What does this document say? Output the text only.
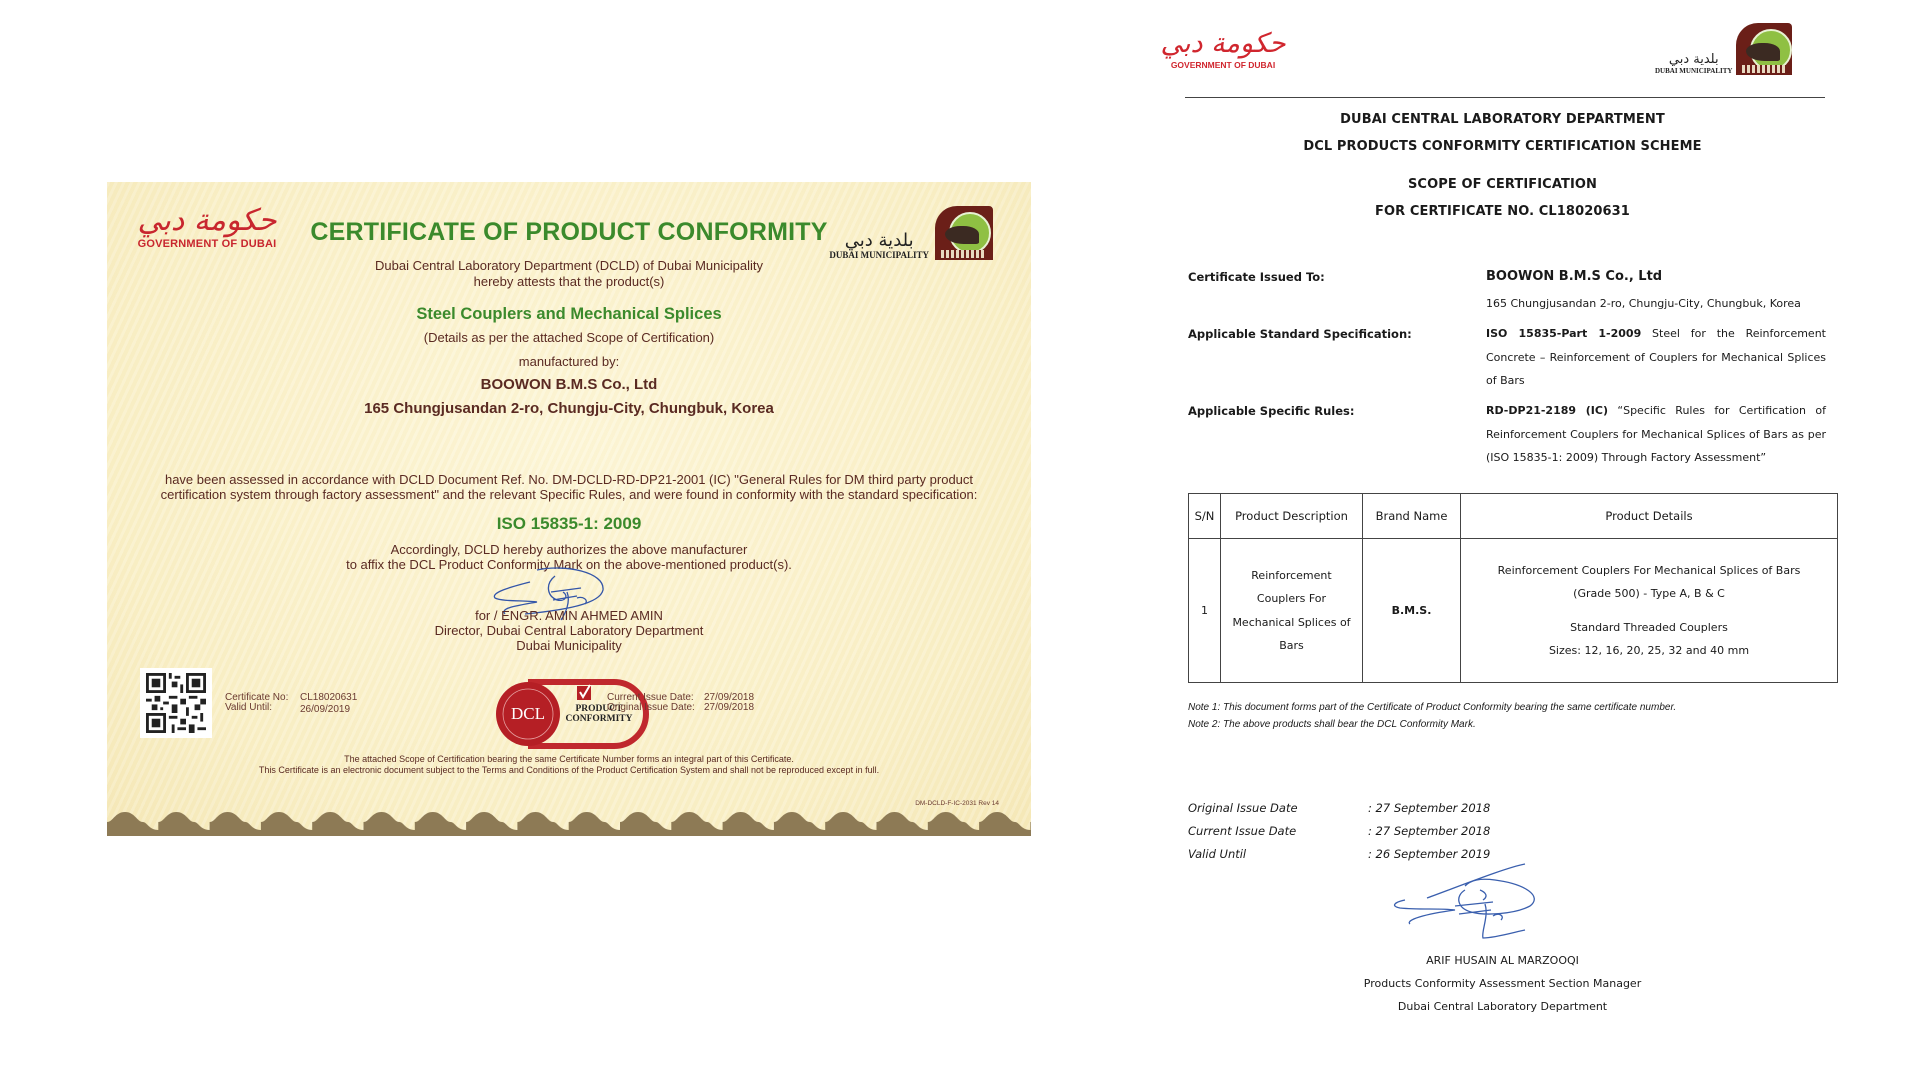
حكومة دبي
GOVERNMENT OF DUBAI	بلدية دبي
DUBAI MUNICIPALITY
CERTIFICATE OF PRODUCT CONFORMITY
Dubai Central Laboratory Department (DCLD) of Dubai Municipality
hereby attests that the product(s)
Steel Couplers and Mechanical Splices
(Details as per the attached Scope of Certification)
manufactured by:
BOOWON B.M.S Co., Ltd
165 Chungjusandan 2-ro, Chungju-City, Chungbuk, Korea
have been assessed in accordance with DCLD Document Ref. No. DM-DCLD-RD-DP21-2001 (IC) "General Rules for DM third party product
certification system through factory assessment" and the relevant Specific Rules, and were found in conformity with the standard specification:
ISO 15835-1: 2009
Accordingly, DCLD hereby authorizes the above manufacturer
to affix the DCL Product Conformity Mark on the above-mentioned product(s).
for / ENGR. AMIN AHMED AMIN
Director, Dubai Central Laboratory Department
Dubai Municipality
Certificate No: CL18020631
Valid Until:	26/09/2019	DCL	PRODUCT
CONFORMITY
Current Issue Date: 27/09/2018
Original Issue Date: 27/09/2018
The attached Scope of Certification bearing the same Certificate Number forms an integral part of this Certificate.
This Certificate is an electronic document subject to the Terms and Conditions of the Product Certification System and shall not be reproduced except in full.
DM-DCLD-F-IC-2031 Rev 14
حكومة دبي
GOVERNMENT OF DUBAI	بلدية دبي
DUBAI MUNICIPALITY
DUBAI CENTRAL LABORATORY DEPARTMENT
DCL PRODUCTS CONFORMITY CERTIFICATION SCHEME
SCOPE OF CERTIFICATION
FOR CERTIFICATE NO. CL18020631
Certificate Issued To:	BOOWON B.M.S Co., Ltd
165 Chungjusandan 2-ro, Chungju-City, Chungbuk, Korea
Applicable Standard Specification:	ISO 15835-Part 1-2009 Steel for the Reinforcement Concrete – Reinforcement of Couplers for Mechanical Splices of Bars
Applicable Specific Rules:	RD-DP21-2189 (IC) “Specific Rules for Certification of Reinforcement Couplers for Mechanical Splices of Bars as per (ISO 15835-1: 2009) Through Factory Assessment”
S/N	Product Description	Brand Name	Product Details
1	Reinforcement Couplers For Mechanical Splices of Bars	B.M.S.	Reinforcement Couplers For Mechanical Splices of Bars
(Grade 500) - Type A, B & C
Standard Threaded Couplers
Sizes: 12, 16, 20, 25, 32 and 40 mm
Note 1: This document forms part of the Certificate of Product Conformity bearing the same certificate number.
Note 2: The above products shall bear the DCL Conformity Mark.
Original Issue Date	: 27 September 2018
Current Issue Date	: 27 September 2018
Valid Until	: 26 September 2019
ARIF HUSAIN AL MARZOOQI
Products Conformity Assessment Section Manager
Dubai Central Laboratory Department
